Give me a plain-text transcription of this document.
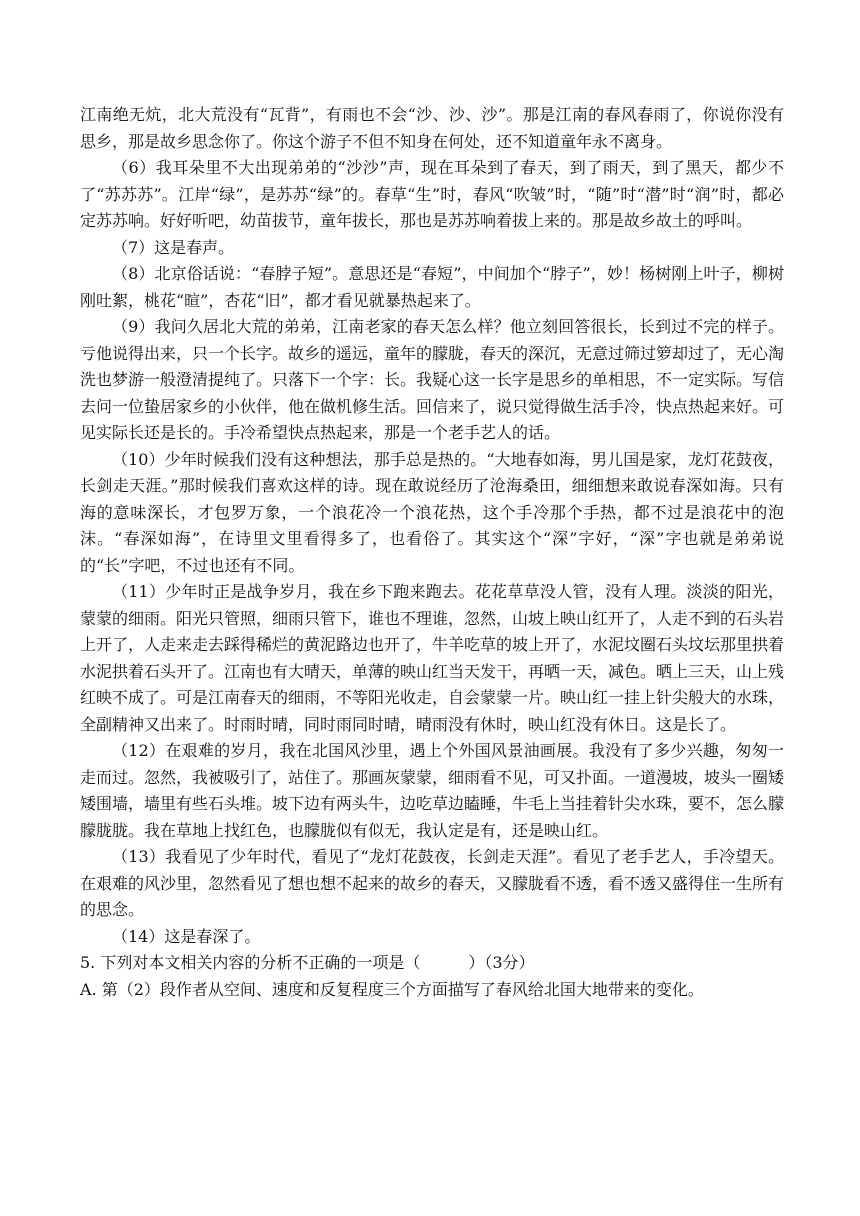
江南绝无炕，北大荒没有“瓦背”，有雨也不会“沙、沙、沙”。那是江南的春风春雨了，你说你没有思乡，那是故乡思念你了。你这个游子不但不知身在何处，还不知道童年永不离身。

（6）我耳朵里不大出现弟弟的“沙沙”声，现在耳朵到了春天，到了雨天，到了黑天，都少不了“苏苏苏”。江岸“绿”，是苏苏“绿”的。春草“生”时，春风“吹皱”时，“随”时“潜”时“润”时，都必定苏苏响。好好听吧，幼苗拔节，童年拔长，那也是苏苏响着拔上来的。那是故乡故土的呼叫。

（7）这是春声。

（8）北京俗话说：“春脖子短”。意思还是“春短”，中间加个“脖子”，妙！杨树刚上叶子，柳树刚吐絮，桃花“暄”，杏花“旧”，都才看见就暴热起来了。

（9）我问久居北大荒的弟弟，江南老家的春天怎么样？他立刻回答很长，长到过不完的样子。亏他说得出来，只一个长字。故乡的遥远，童年的朦胧，春天的深沉，无意过筛过箩却过了，无心淘洗也梦游一般澄清提纯了。只落下一个字：长。我疑心这一长字是思乡的单相思，不一定实际。写信去问一位蛰居家乡的小伙伴，他在做机修生活。回信来了，说只觉得做生活手冷，快点热起来好。可见实际长还是长的。手冷希望快点热起来，那是一个老手艺人的话。

（10）少年时候我们没有这种想法，那手总是热的。“大地春如海，男儿国是家，龙灯花鼓夜，长剑走天涯。”那时候我们喜欢这样的诗。现在敢说经历了沧海桑田，细细想来敢说春深如海。只有海的意味深长，才包罗万象，一个浪花冷一个浪花热，这个手冷那个手热，都不过是浪花中的泡沫。“春深如海”，在诗里文里看得多了，也看俗了。其实这个“深”字好，“深”字也就是弟弟说的“长”字吧，不过也还有不同。

（11）少年时正是战争岁月，我在乡下跑来跑去。花花草草没人管，没有人理。淡淡的阳光，蒙蒙的细雨。阳光只管照，细雨只管下，谁也不理谁，忽然，山坡上映山红开了，人走不到的石头岩上开了，人走来走去踩得稀烂的黄泥路边也开了，牛羊吃草的坡上开了，水泥坟圈石头坟坛那里拱着水泥拱着石头开了。江南也有大晴天，单薄的映山红当天发干，再晒一天，减色。晒上三天，山上残红映不成了。可是江南春天的细雨，不等阳光收走，自会蒙蒙一片。映山红一挂上针尖般大的水珠，全副精神又出来了。时雨时晴，同时雨同时晴，晴雨没有休时，映山红没有休日。这是长了。

（12）在艰难的岁月，我在北国风沙里，遇上个外国风景油画展。我没有了多少兴趣，匆匆一走而过。忽然，我被吸引了，站住了。那画灰蒙蒙，细雨看不见，可又扑面。一道漫坡，坡头一圈矮矮围墙，墙里有些石头堆。坡下边有两头牛，边吃草边瞌睡，牛毛上当挂着针尖水珠，要不，怎么朦朦胧胧。我在草地上找红色，也朦胧似有似无，我认定是有，还是映山红。

（13）我看见了少年时代，看见了“龙灯花鼓夜，长剑走天涯”。看见了老手艺人，手冷望天。在艰难的风沙里，忽然看见了想也想不起来的故乡的春天，又朦胧看不透，看不透又盛得住一生所有的思念。

（14）这是春深了。

5. 下列对本文相关内容的分析不正确的一项是（　　　）（3分）

A. 第（2）段作者从空间、速度和反复程度三个方面描写了春风给北国大地带来的变化。
